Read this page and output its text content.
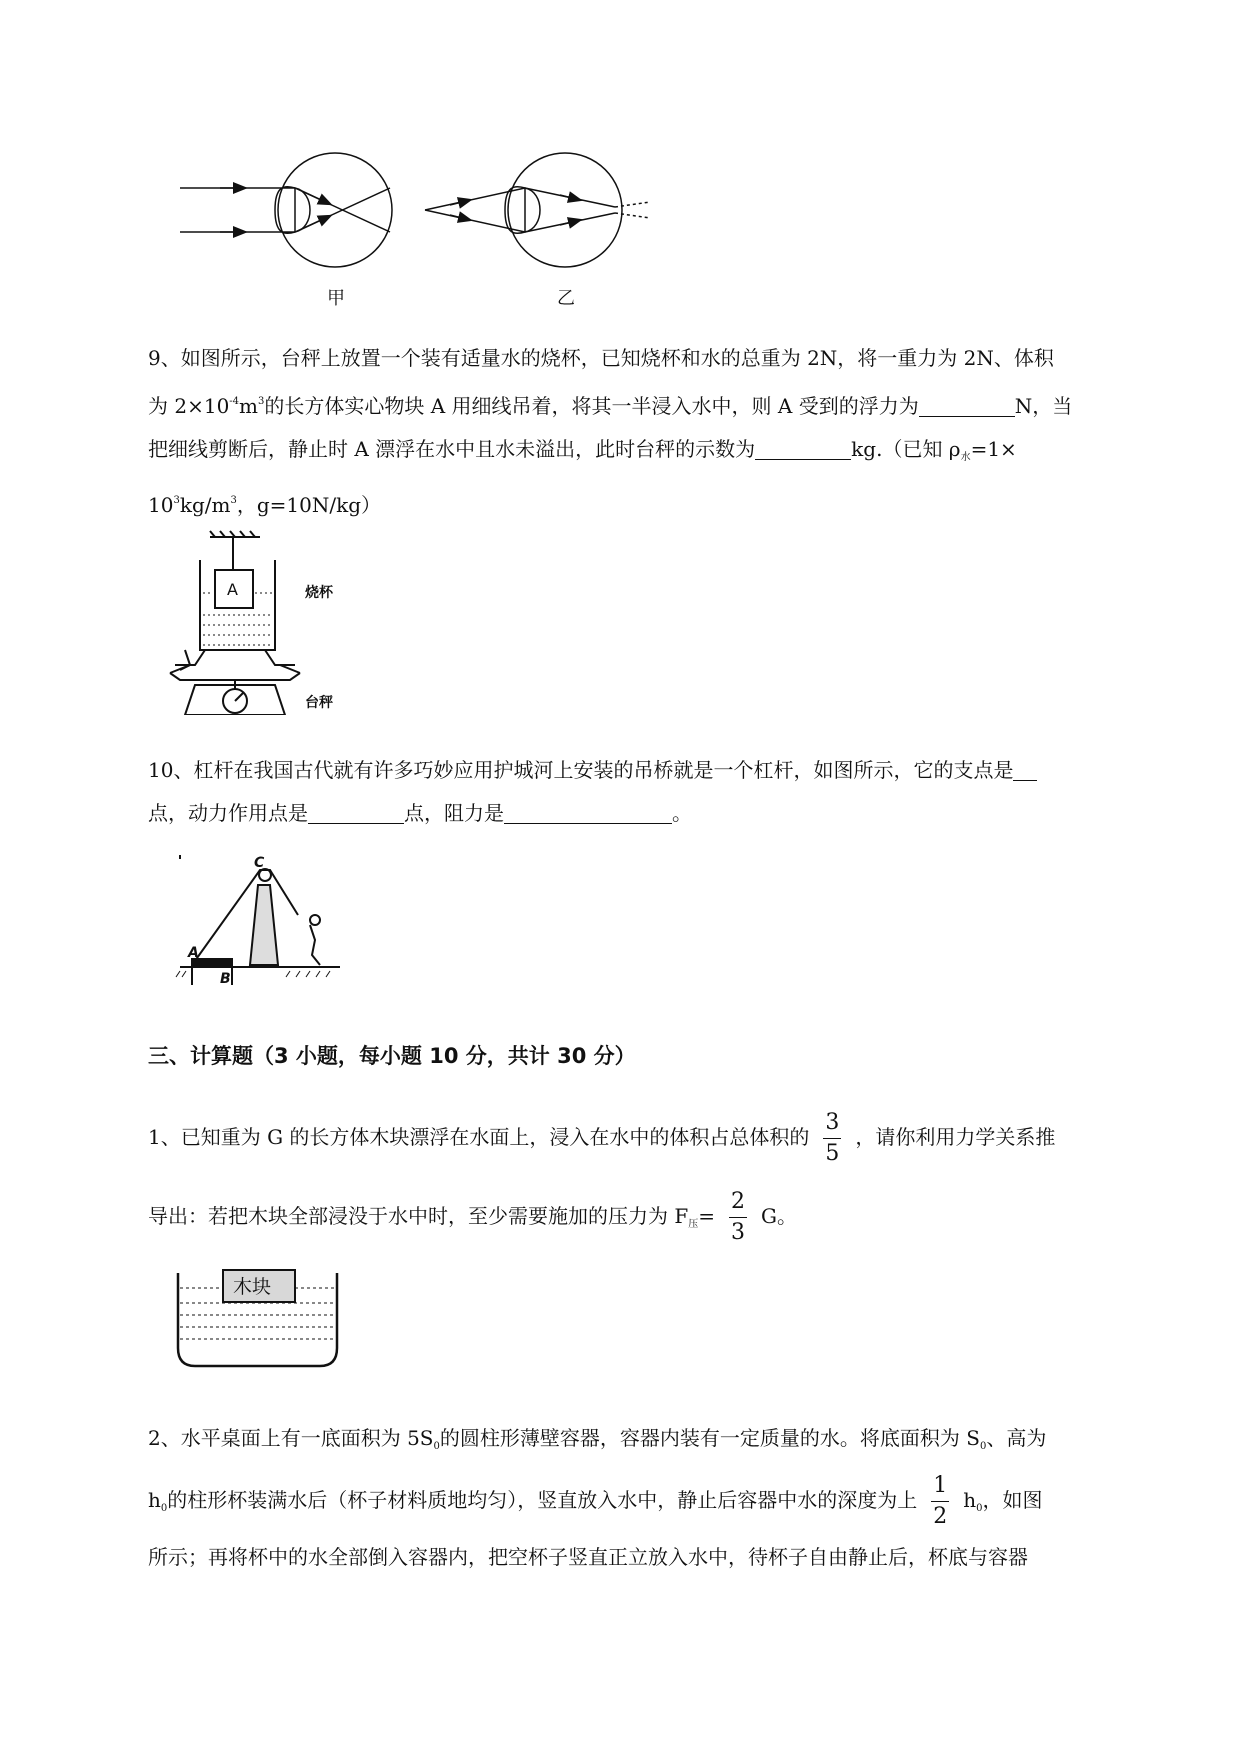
甲	乙
9、如图所示，台秤上放置一个装有适量水的烧杯，已知烧杯和水的总重为 2N，将一重力为 2N、体积
为 $2\times 10^{-4}m^3$的长方体实心物块 A 用细线吊着，将其一半浸入水中，则 A 受到的浮力为	N，当
把细线剪断后，静止时 A 漂浮在水中且水未溢出，此时台秤的示数为	kg.（已知 $\rho_水=1\times$
$10^3kg/m^3$，g=10N/kg）
A	烧杯
台秤
10、杠杆在我国古代就有许多巧妙应用护城河上安装的吊桥就是一个杠杆，如图所示，它的支点是
点，动力作用点是	点，阻力是	。
C
A
B
三、计算题（3 小题，每小题 10 分，共计 30 分）
1、已知重为 G 的长方体木块漂浮在水面上，浸入在水中的体积占总体积的 $\frac{3}{5}$ ，请你利用力学关系推
导出：若把木块全部浸没于水中时，至少需要施加的压力为 $F_压= \frac{2}{3}$ G。
木块
2、水平桌面上有一底面积为 $5S_0$的圆柱形薄壁容器，容器内装有一定质量的水。将底面积为 $S_0$、高为
$h_0$的柱形杯装满水后（杯子材料质地均匀），竖直放入水中，静止后容器中水的深度为上 $\frac{1}{2} h_0$，如图
所示；再将杯中的水全部倒入容器内，把空杯子竖直正立放入水中，待杯子自由静止后，杯底与容器
